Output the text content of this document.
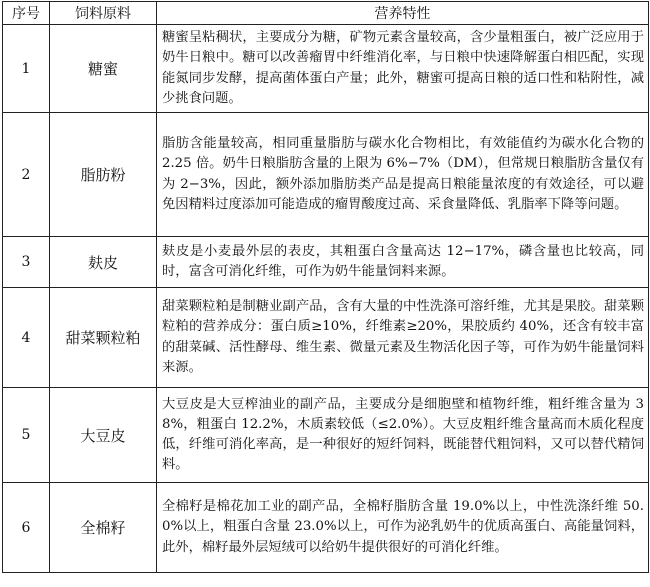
序号	饲料原料	营养特性
1	糖蜜	糖蜜呈粘稠状，主要成分为糖，矿物元素含量较高，含少量粗蛋白，被广泛应用于奶牛日粮中。糖可以改善瘤胃中纤维消化率，与日粮中快速降解蛋白相匹配，实现能氮同步发酵，提高菌体蛋白产量；此外，糖蜜可提高日粮的适口性和粘附性，减少挑食问题。
2	脂肪粉	脂肪含能量较高，相同重量脂肪与碳水化合物相比，有效能值约为碳水化合物的 2.25 倍。奶牛日粮脂肪含量的上限为 6%−7%（DM），但常规日粮脂肪含量仅有为 2−3%，因此，额外添加脂肪类产品是提高日粮能量浓度的有效途径，可以避免因精料过度添加可能造成的瘤胃酸度过高、采食量降低、乳脂率下降等问题。
3	麸皮	麸皮是小麦最外层的表皮，其粗蛋白含量高达 12−17%，磷含量也比较高，同时，富含可消化纤维，可作为奶牛能量饲料来源。
4	甜菜颗粒粕	甜菜颗粒粕是制糖业副产品，含有大量的中性洗涤可溶纤维，尤其是果胶。甜菜颗粒粕的营养成分：蛋白质≥10%，纤维素≥20%，果胶质约 40%，还含有较丰富的甜菜碱、活性酵母、维生素、微量元素及生物活化因子等，可作为奶牛能量饲料来源。
5	大豆皮	大豆皮是大豆榨油业的副产品，主要成分是细胞壁和植物纤维，粗纤维含量为 38%，粗蛋白 12.2%，木质素较低（≤2.0%）。大豆皮粗纤维含量高而木质化程度低，纤维可消化率高，是一种很好的短纤饲料，既能替代粗饲料，又可以替代精饲料。
6	全棉籽	全棉籽是棉花加工业的副产品，全棉籽脂肪含量 19.0%以上，中性洗涤纤维 50.0%以上，粗蛋白含量 23.0%以上，可作为泌乳奶牛的优质高蛋白、高能量饲料，此外，棉籽最外层短绒可以给奶牛提供很好的可消化纤维。
